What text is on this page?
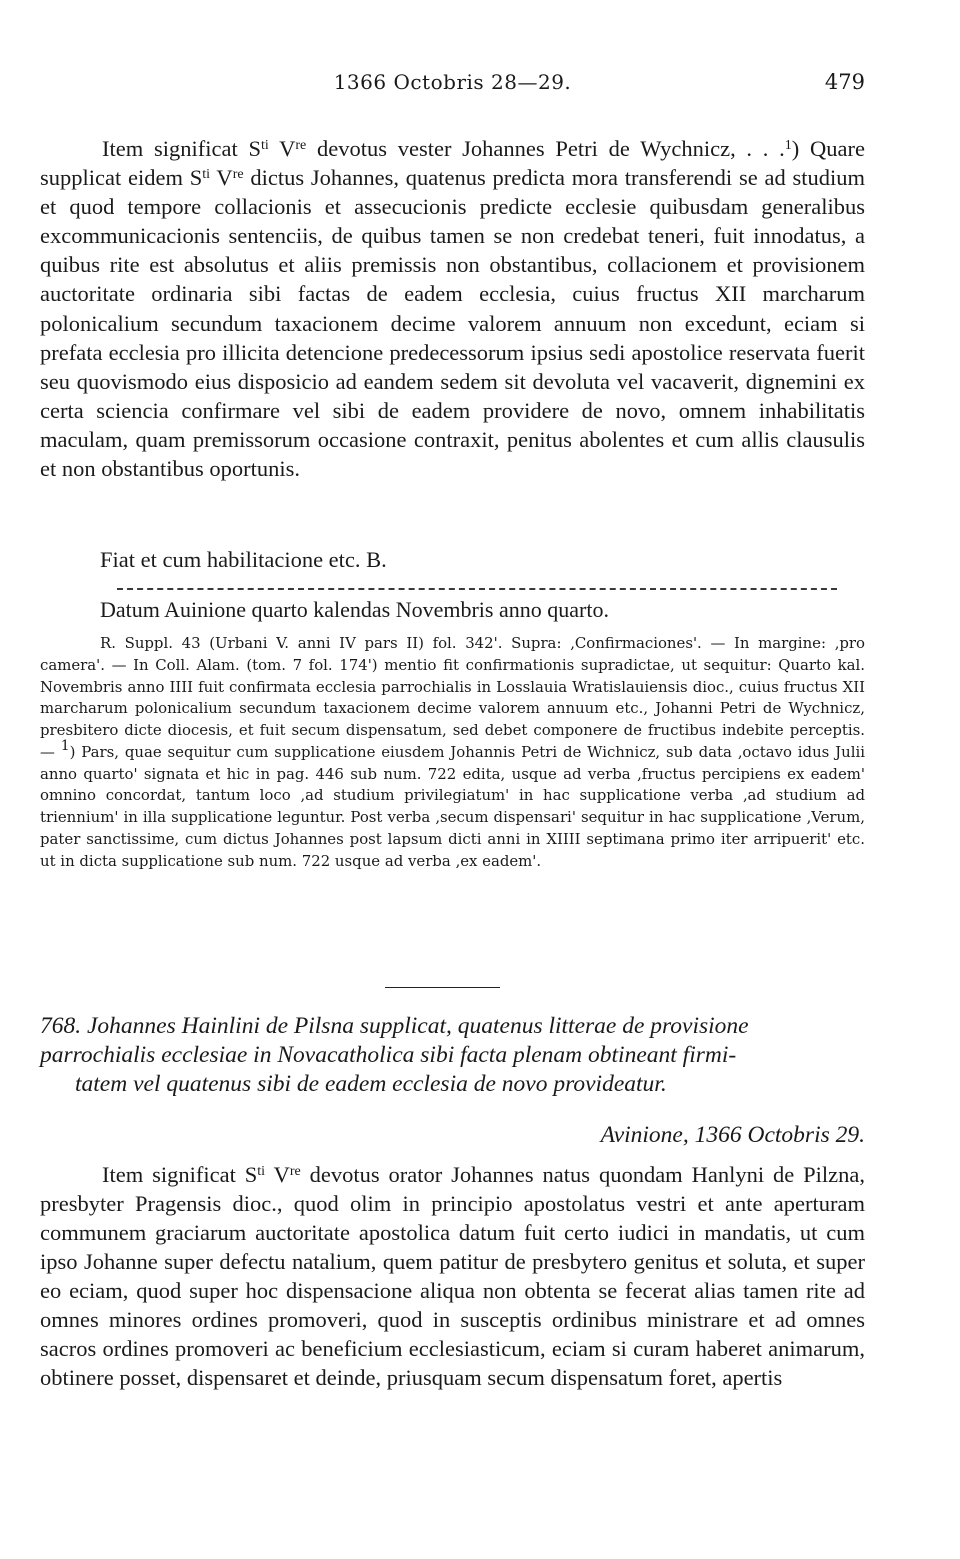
1366 Octobris 28—29.	479
Item significat $S^{ti}$ Vre devotus vester Johannes Petri de Wychnicz, . . .$^1$) Quare supplicat eidem $S^{ti}$ Vre dictus Johannes, quatenus predicta mora transferendi se ad studium et quod tempore collacionis et assecucionis predicte ecclesie quibusdam generalibus excommunicacionis sentenciis, de quibus tamen se non credebat teneri, fuit innodatus, a quibus rite est absolutus et aliis premissis non obstantibus, collacionem et provisionem auctoritate ordinaria sibi factas de eadem ecclesia, cuius fructus XII marcharum polonicalium secundum taxacionem decime valorem annuum non excedunt, eciam si prefata ecclesia pro illicita detencione predecessorum ipsius sedi apostolice reservata fuerit seu quovismodo eius disposicio ad eandem sedem sit devoluta vel vacaverit, dignemini ex certa sciencia confirmare vel sibi de eadem providere de novo, omnem inhabilitatis maculam, quam premissorum occasione contraxit, penitus abolentes et cum allis clausulis et non obstantibus oportunis.
Fiat et cum habilitacione etc. B.
Datum Auinione quarto kalendas Novembris anno quarto.

R. Suppl. 43 (Urbani V. anni IV pars II) fol. 342'. Supra: ‚Confirmaciones'. — In margine: ‚pro camera'. — In Coll. Alam. (tom. 7 fol. 174') mentio fit confirmationis supradictae, ut sequitur: Quarto kal. Novembris anno IIII fuit confirmata ecclesia parrochialis in Losslauia Wratislauiensis dioc., cuius fructus XII marcharum polonicalium secundum taxacionem decime valorem annuum etc., Johanni Petri de Wychnicz, presbitero dicte diocesis, et fuit secum dispensatum, sed debet componere de fructibus indebite perceptis. — $^1$) Pars, quae sequitur cum supplicatione eiusdem Johannis Petri de Wichnicz, sub data ‚octavo idus Julii anno quarto' signata et hic in pag. 446 sub num. 722 edita, usque ad verba ‚fructus percipiens ex eadem' omnino concordat, tantum loco ‚ad studium privilegiatum' in hac supplicatione verba ‚ad studium ad triennium' in illa supplicatione leguntur. Post verba ‚secum dispensari' sequitur in hac supplicatione ‚Verum, pater sanctissime, cum dictus Johannes post lapsum dicti anni in XIIII septimana primo iter arripuerit' etc. ut in dicta supplicatione sub num. 722 usque ad verba ‚ex eadem'.

768. Johannes Hainlini de Pilsna supplicat, quatenus litterae de provisione
parrochialis ecclesiae in Novacatholica sibi facta plenam obtineant firmi-
tatem vel quatenus sibi de eadem ecclesia de novo provideatur.
Avinione, 1366 Octobris 29.
Item significat $S^{ti}$ Vre devotus orator Johannes natus quondam Hanlyni de Pilzna, presbyter Pragensis dioc., quod olim in principio apostolatus vestri et ante aperturam communem graciarum auctoritate apostolica datum fuit certo iudici in mandatis, ut cum ipso Johanne super defectu natalium, quem patitur de presbytero genitus et soluta, et super eo eciam, quod super hoc dispensacione aliqua non obtenta se fecerat alias tamen rite ad omnes minores ordines promoveri, quod in susceptis ordinibus ministrare et ad omnes sacros ordines promoveri ac beneficium ecclesiasticum, eciam si curam haberet animarum, obtinere posset, dispensaret et deinde, priusquam secum dispensatum foret, apertis
